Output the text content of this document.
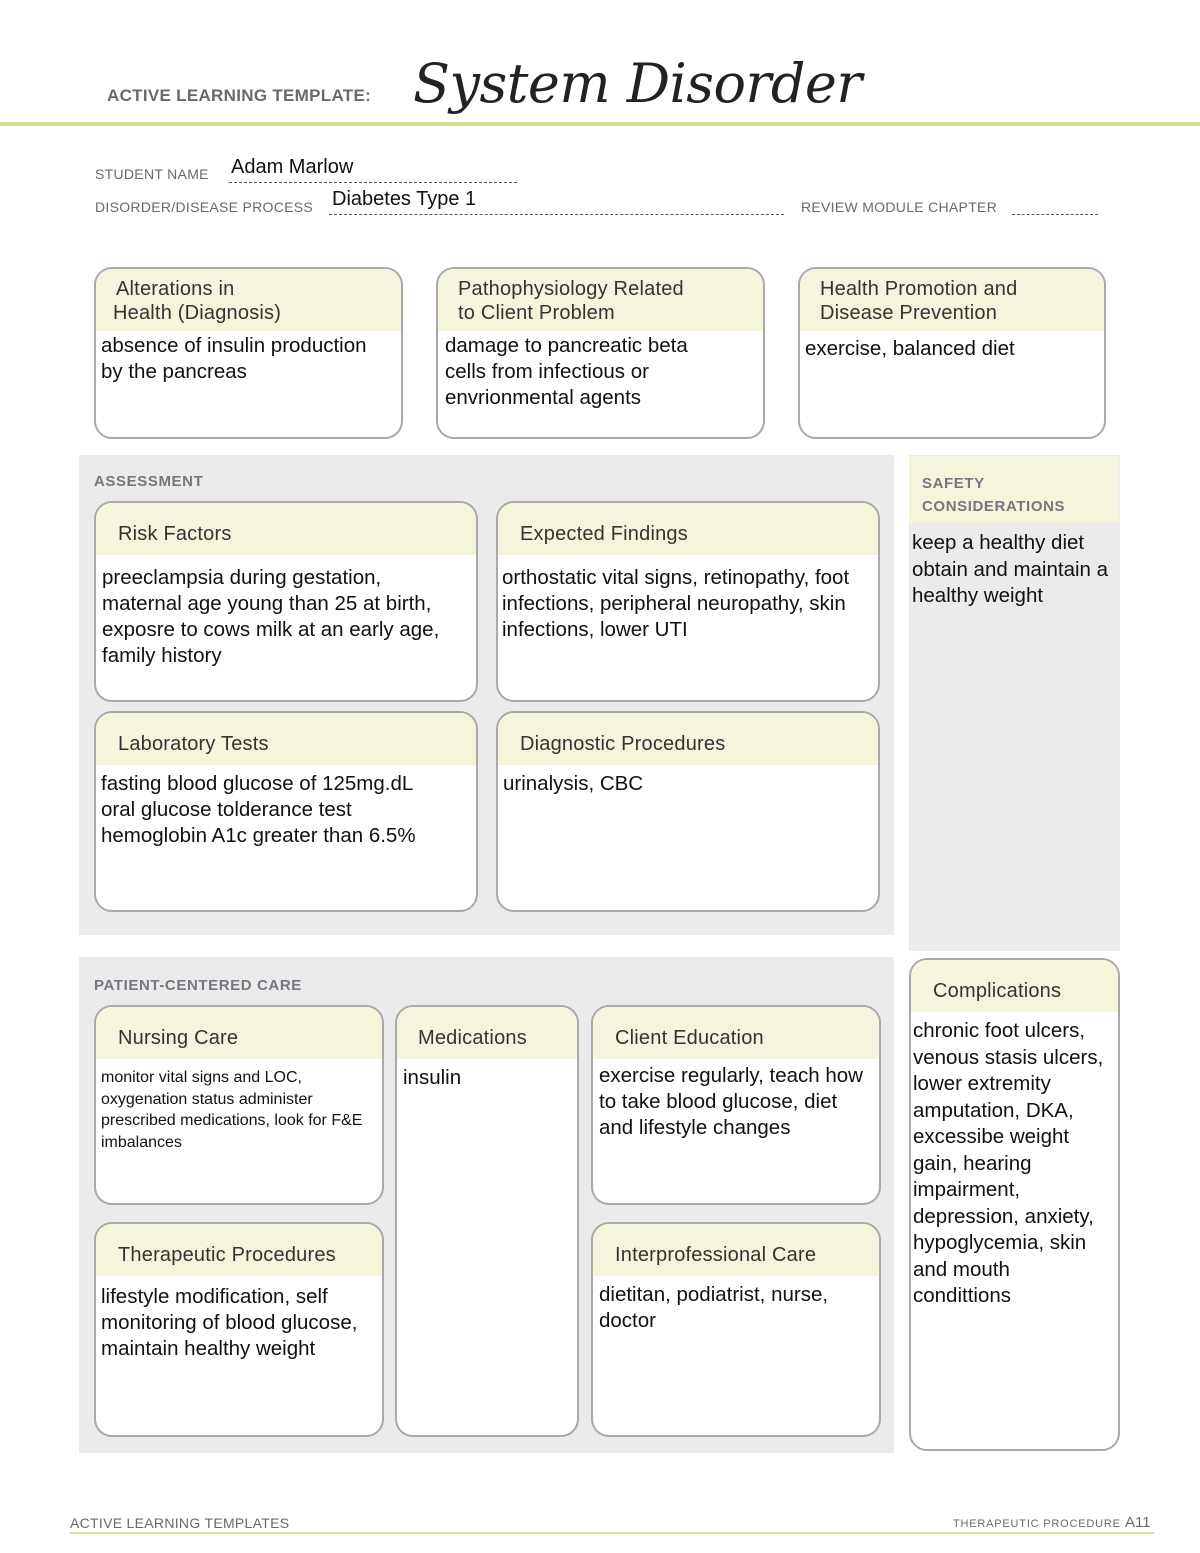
ACTIVE LEARNING TEMPLATE: System Disorder
STUDENT NAME Adam Marlow
DISORDER/DISEASE PROCESS Diabetes Type 1	REVIEW MODULE CHAPTER
Alterations in
Health (Diagnosis)
absence of insulin production by the pancreas
Pathophysiology Related
to Client Problem
damage to pancreatic beta cells from infectious or envrionmental agents
Health Promotion and
Disease Prevention
exercise, balanced diet
ASSESSMENT
Risk Factors
preeclampsia during gestation, maternal age young than 25 at birth, exposre to cows milk at an early age, family history
Expected Findings
orthostatic vital signs, retinopathy, foot infections, peripheral neuropathy, skin infections, lower UTI
Laboratory Tests
fasting blood glucose of 125mg.dL
oral glucose tolderance test
hemoglobin A1c greater than 6.5%
Diagnostic Procedures
urinalysis, CBC
SAFETY
CONSIDERATIONS
keep a healthy diet obtain and maintain a healthy weight
PATIENT-CENTERED CARE
Nursing Care
monitor vital signs and LOC, oxygenation status administer prescribed medications, look for F&E imbalances
Medications
insulin
Client Education
exercise regularly, teach how to take blood glucose, diet and lifestyle changes
Therapeutic Procedures
lifestyle modification, self monitoring of blood glucose, maintain healthy weight
Interprofessional Care
dietitan, podiatrist, nurse, doctor
Complications
chronic foot ulcers, venous stasis ulcers, lower extremity amputation, DKA, excessibe weight gain, hearing impairment, depression, anxiety, hypoglycemia, skin and mouth condittions
ACTIVE LEARNING TEMPLATES	THERAPEUTIC PROCEDURE A11
